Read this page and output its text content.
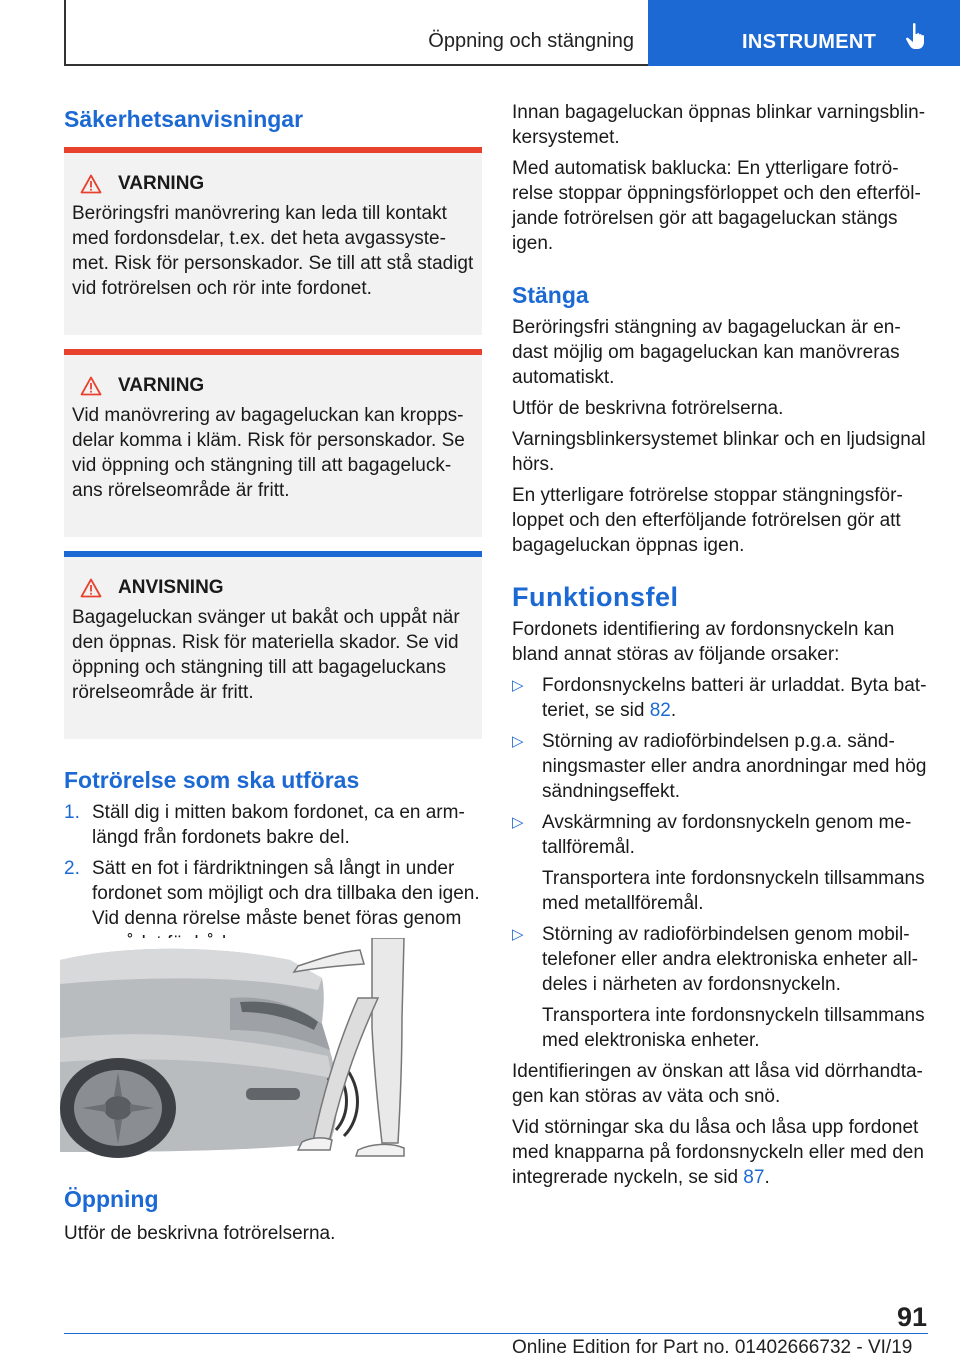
Öppning och stängning	INSTRUMENT
Säkerhetsanvisningar
VARNING

Beröringsfri manövrering kan leda till kontakt med fordonsdelar, t.ex. det heta avgassystemet. Risk för personskador. Se till att stå stadigt vid fotrörelsen och rör inte fordonet.

VARNING

Vid manövrering av bagageluckan kan kroppsdelar komma i kläm. Risk för personskador. Se vid öppning och stängning till att bagageluckans rörelseområde är fritt.

ANVISNING

Bagageluckan svänger ut bakåt och uppåt när den öppnas. Risk för materiella skador. Se vid öppning och stängning till att bagageluckans rörelseområde är fritt.

Fotrörelse som ska utföras
1. Ställ dig i mitten bakom fordonet, ca en armlängd från fordonets bakre del.
2. Sätt en fot i färdriktningen så långt in under fordonet som möjligt och dra tillbaka den igen. Vid denna rörelse måste benet föras genom
Öppning

Utför de beskrivna fotrörelserna.

Innan bagageluckan öppnas blinkar varningsblinkersystemet.

Med automatisk baklucka: En ytterligare fotrörelse stoppar öppningsförloppet och den efterföljande fotrörelsen gör att bagageluckan stängs igen.

Stänga

Beröringsfri stängning av bagageluckan är endast möjlig om bagageluckan kan manövreras automatiskt.

Utför de beskrivna fotrörelserna.

Varningsblinkersystemet blinkar och en ljudsignal hörs.

En ytterligare fotrörelse stoppar stängningsförloppet och den efterföljande fotrörelsen gör att bagageluckan öppnas igen.

Funktionsfel

Fordonets identifiering av fordonsnyckeln kan bland annat störas av följande orsaker:

▷ Fordonsnyckelns batteri är urladdat. Byta batteriet, se sid 82.

▷ Störning av radioförbindelsen p.g.a. sändningsmaster eller andra anordningar med hög sändningseffekt.

▷ Avskärmning av fordonsnyckeln genom metallföremål.

Transportera inte fordonsnyckeln tillsammans med metallföremål.

▷ Störning av radioförbindelsen genom mobiltelefoner eller andra elektroniska enheter alldeles i närheten av fordonsnyckeln.

Transportera inte fordonsnyckeln tillsammans med elektroniska enheter.

Identifieringen av önskan att låsa vid dörrhandtagen kan störas av väta och snö.

Vid störningar ska du låsa och låsa upp fordonet med knapparna på fordonsnyckeln eller med den integrerade nyckeln, se sid 87.

91
Online Edition for Part no. 01402666732 - VI/19
